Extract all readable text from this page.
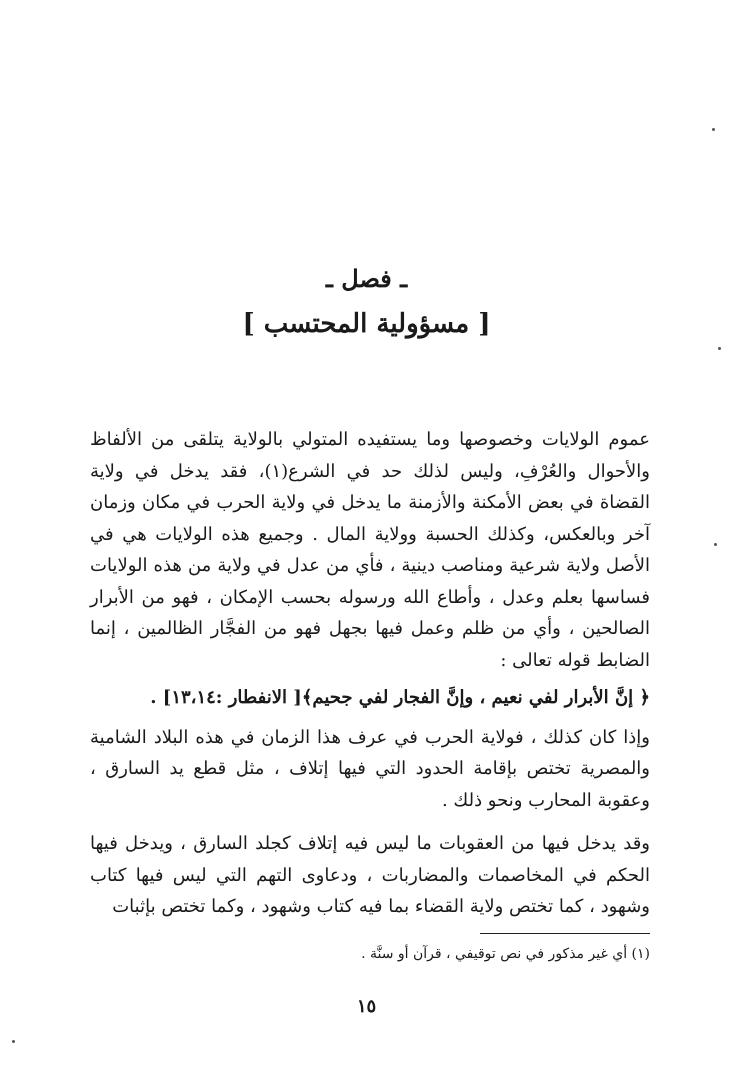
ـ فصل ـ
[ مسؤولية المحتسب ]

عموم الولايات وخصوصها وما يستفيده المتولي بالولاية يتلقى من الألفاظ والأحوال والعُرْفِ، وليس لذلك حد في الشرع(١)، فقد يدخل في ولاية القضاة في بعض الأمكنة والأزمنة ما يدخل في ولاية الحرب في مكان وزمان آخر وبالعكس، وكذلك الحسبة وولاية المال . وجميع هذه الولايات هي في الأصل ولاية شرعية ومناصب دينية ، فأي من عدل في ولاية من هذه الولايات فساسها بعلم وعدل ، وأطاع الله ورسوله بحسب الإمكان ، فهو من الأبرار الصالحين ، وأي من ظلم وعمل فيها بجهل فهو من الفجَّار الظالمين ، إنما الضابط قوله تعالى :

﴿ إنَّ الأبرار لفي نعيم ، وإنَّ الفجار لفي جحيم﴾[ الانفطار :١٣،١٤] .

وإذا كان كذلك ، فولاية الحرب في عرف هذا الزمان في هذه البلاد الشامية والمصرية تختص بإقامة الحدود التي فيها إتلاف ، مثل قطع يد السارق ، وعقوبة المحارب ونحو ذلك .

وقد يدخل فيها من العقوبات ما ليس فيه إتلاف كجلد السارق ، ويدخل فيها الحكم في المخاصمات والمضاربات ، ودعاوى التهم التي ليس فيها كتاب وشهود ، كما تختص ولاية القضاء بما فيه كتاب وشهود ، وكما تختص بإثبات

(١) أي غير مذكور في نص توقيفي ، قرآن أو سنَّة .
١٥
